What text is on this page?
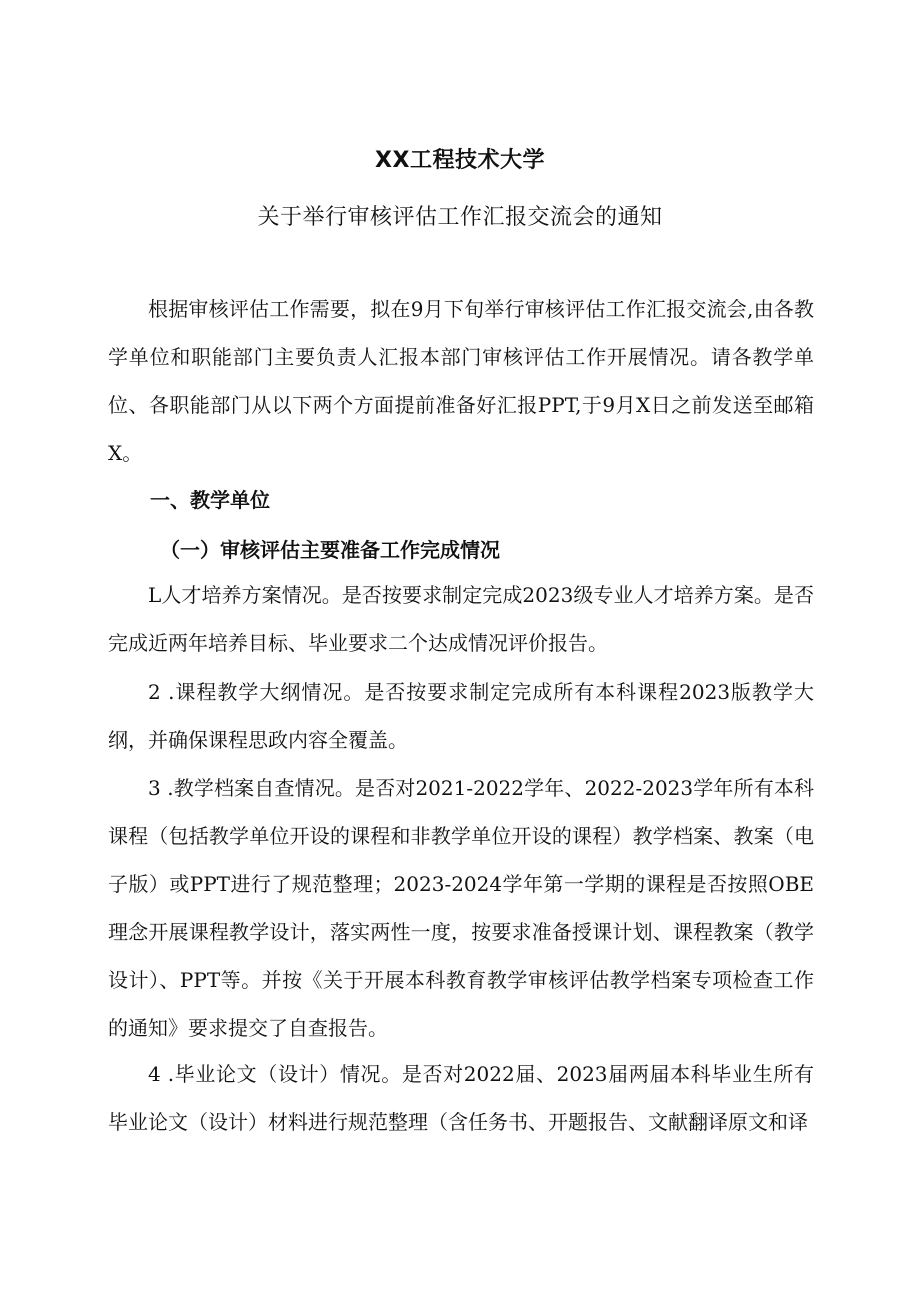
XX工程技术大学
关于举行审核评估工作汇报交流会的通知
根据审核评估工作需要，拟在9月下旬举行审核评估工作汇报交流会,由各教学单位和职能部门主要负责人汇报本部门审核评估工作开展情况。请各教学单位、各职能部门从以下两个方面提前准备好汇报PPT,于9月X日之前发送至邮箱X。
一、教学单位
（一）审核评估主要准备工作完成情况
L人才培养方案情况。是否按要求制定完成2023级专业人才培养方案。是否完成近两年培养目标、毕业要求二个达成情况评价报告。
2 .课程教学大纲情况。是否按要求制定完成所有本科课程2023版教学大纲，并确保课程思政内容全覆盖。
3 .教学档案自查情况。是否对2021-2022学年、2022-2023学年所有本科课程（包括教学单位开设的课程和非教学单位开设的课程）教学档案、教案（电子版）或PPT进行了规范整理；2023-2024学年第一学期的课程是否按照OBE理念开展课程教学设计，落实两性一度，按要求准备授课计划、课程教案（教学设计）、PPT等。并按《关于开展本科教育教学审核评估教学档案专项检查工作的通知》要求提交了自查报告。
4 .毕业论文（设计）情况。是否对2022届、2023届两届本科毕业生所有毕业论文（设计）材料进行规范整理（含任务书、开题报告、文献翻译原文和译
